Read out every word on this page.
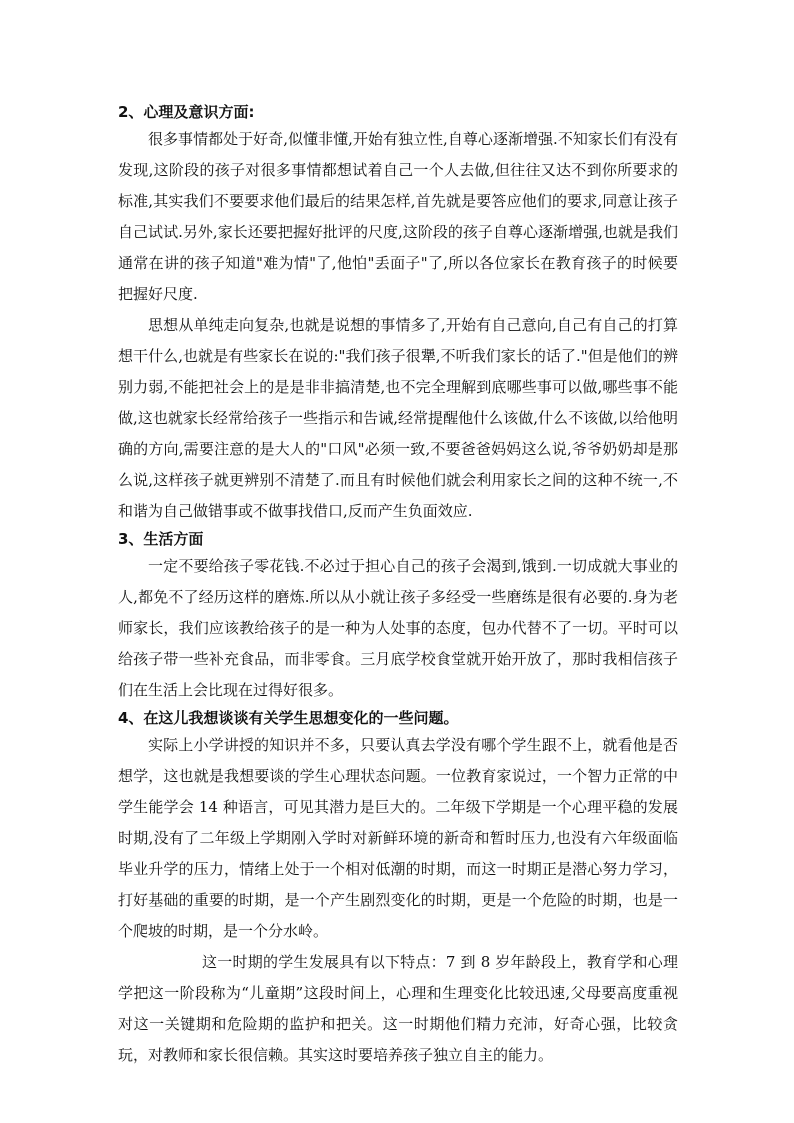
2、心理及意识方面:

很多事情都处于好奇,似懂非懂,开始有独立性,自尊心逐渐增强.不知家长们有没有发现,这阶段的孩子对很多事情都想试着自己一个人去做,但往往又达不到你所要求的标准,其实我们不要要求他们最后的结果怎样,首先就是要答应他们的要求,同意让孩子自己试试.另外,家长还要把握好批评的尺度,这阶段的孩子自尊心逐渐增强,也就是我们通常在讲的孩子知道"难为情"了,他怕"丢面子"了,所以各位家长在教育孩子的时候要把握好尺度.

思想从单纯走向复杂,也就是说想的事情多了,开始有自己意向,自己有自己的打算想干什么,也就是有些家长在说的:"我们孩子很犟,不听我们家长的话了."但是他们的辨别力弱,不能把社会上的是是非非搞清楚,也不完全理解到底哪些事可以做,哪些事不能做,这也就家长经常给孩子一些指示和告诫,经常提醒他什么该做,什么不该做,以给他明确的方向,需要注意的是大人的"口风"必须一致,不要爸爸妈妈这么说,爷爷奶奶却是那么说,这样孩子就更辨别不清楚了.而且有时候他们就会利用家长之间的这种不统一,不和谐为自己做错事或不做事找借口,反而产生负面效应.

3、生活方面

一定不要给孩子零花钱.不必过于担心自己的孩子会渴到,饿到.一切成就大事业的人,都免不了经历这样的磨炼.所以从小就让孩子多经受一些磨练是很有必要的.身为老师家长，我们应该教给孩子的是一种为人处事的态度，包办代替不了一切。平时可以给孩子带一些补充食品，而非零食。三月底学校食堂就开始开放了，那时我相信孩子们在生活上会比现在过得好很多。

4、在这儿我想谈谈有关学生思想变化的一些问题。

实际上小学讲授的知识并不多，只要认真去学没有哪个学生跟不上，就看他是否想学，这也就是我想要谈的学生心理状态问题。一位教育家说过，一个智力正常的中学生能学会 14 种语言，可见其潜力是巨大的。二年级下学期是一个心理平稳的发展时期,没有了二年级上学期刚入学时对新鲜环境的新奇和暂时压力,也没有六年级面临毕业升学的压力，情绪上处于一个相对低潮的时期，而这一时期正是潜心努力学习，打好基础的重要的时期，是一个产生剧烈变化的时期，更是一个危险的时期，也是一个爬坡的时期，是一个分水岭。

这一时期的学生发展具有以下特点：7 到 8 岁年龄段上，教育学和心理学把这一阶段称为“儿童期”这段时间上，心理和生理变化比较迅速,父母要高度重视对这一关键期和危险期的监护和把关。这一时期他们精力充沛，好奇心强，比较贪玩，对教师和家长很信赖。其实这时要培养孩子独立自主的能力。
